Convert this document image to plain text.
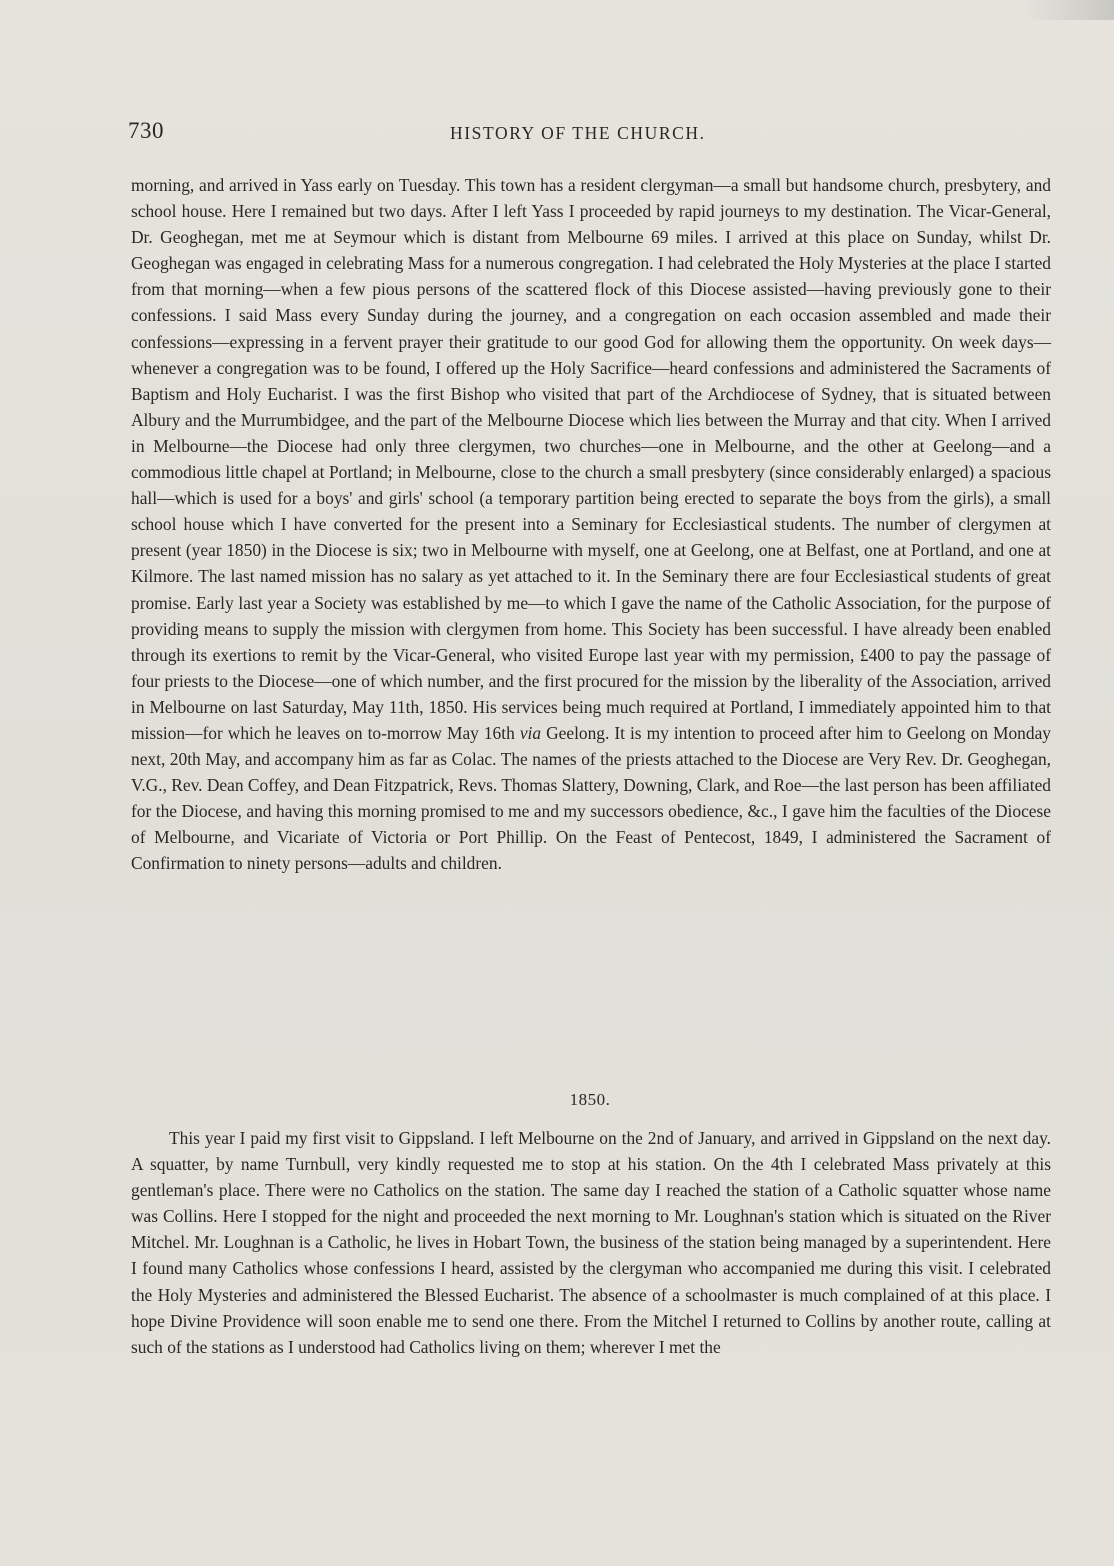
730	HISTORY OF THE CHURCH.

morning, and arrived in Yass early on Tuesday. This town has a resident clergyman—a small but handsome church, presbytery, and school house. Here I remained but two days. After I left Yass I proceeded by rapid journeys to my destination. The Vicar-General, Dr. Geoghegan, met me at Seymour which is distant from Melbourne 69 miles. I arrived at this place on Sunday, whilst Dr. Geoghegan was engaged in celebrating Mass for a numerous congregation. I had celebrated the Holy Mysteries at the place I started from that morning—when a few pious persons of the scattered flock of this Diocese assisted—having previously gone to their confessions. I said Mass every Sunday during the journey, and a congregation on each occasion assembled and made their confessions—expressing in a fervent prayer their gratitude to our good God for allowing them the opportunity. On week days—whenever a congregation was to be found, I offered up the Holy Sacrifice—heard confessions and administered the Sacraments of Baptism and Holy Eucharist. I was the first Bishop who visited that part of the Archdiocese of Sydney, that is situated between Albury and the Murrumbidgee, and the part of the Melbourne Diocese which lies between the Murray and that city. When I arrived in Melbourne—the Diocese had only three clergymen, two churches—one in Melbourne, and the other at Geelong—and a commodious little chapel at Portland; in Melbourne, close to the church a small presbytery (since considerably enlarged) a spacious hall—which is used for a boys' and girls' school (a temporary partition being erected to separate the boys from the girls), a small school house which I have converted for the present into a Seminary for Ecclesiastical students. The number of clergymen at present (year 1850) in the Diocese is six; two in Melbourne with myself, one at Geelong, one at Belfast, one at Portland, and one at Kilmore. The last named mission has no salary as yet attached to it. In the Seminary there are four Ecclesiastical students of great promise. Early last year a Society was established by me—to which I gave the name of the Catholic Association, for the purpose of providing means to supply the mission with clergymen from home. This Society has been successful. I have already been enabled through its exertions to remit by the Vicar-General, who visited Europe last year with my permission, £400 to pay the passage of four priests to the Diocese—one of which number, and the first procured for the mission by the liberality of the Association, arrived in Melbourne on last Saturday, May 11th, 1850. His services being much required at Portland, I immediately appointed him to that mission—for which he leaves on to-morrow May 16th via Geelong. It is my intention to proceed after him to Geelong on Monday next, 20th May, and accompany him as far as Colac. The names of the priests attached to the Diocese are Very Rev. Dr. Geoghegan, V.G., Rev. Dean Coffey, and Dean Fitzpatrick, Revs. Thomas Slattery, Downing, Clark, and Roe—the last person has been affiliated for the Diocese, and having this morning promised to me and my successors obedience, &c., I gave him the faculties of the Diocese of Melbourne, and Vicariate of Victoria or Port Phillip. On the Feast of Pentecost, 1849, I administered the Sacrament of Confirmation to ninety persons—adults and children.

1850.

This year I paid my first visit to Gippsland. I left Melbourne on the 2nd of January, and arrived in Gippsland on the next day. A squatter, by name Turnbull, very kindly requested me to stop at his station. On the 4th I celebrated Mass privately at this gentleman's place. There were no Catholics on the station. The same day I reached the station of a Catholic squatter whose name was Collins. Here I stopped for the night and proceeded the next morning to Mr. Loughnan's station which is situated on the River Mitchel. Mr. Loughnan is a Catholic, he lives in Hobart Town, the business of the station being managed by a superintendent. Here I found many Catholics whose confessions I heard, assisted by the clergyman who accompanied me during this visit. I celebrated the Holy Mysteries and administered the Blessed Eucharist. The absence of a schoolmaster is much complained of at this place. I hope Divine Providence will soon enable me to send one there. From the Mitchel I returned to Collins by another route, calling at such of the stations as I understood had Catholics living on them; wherever I met the
